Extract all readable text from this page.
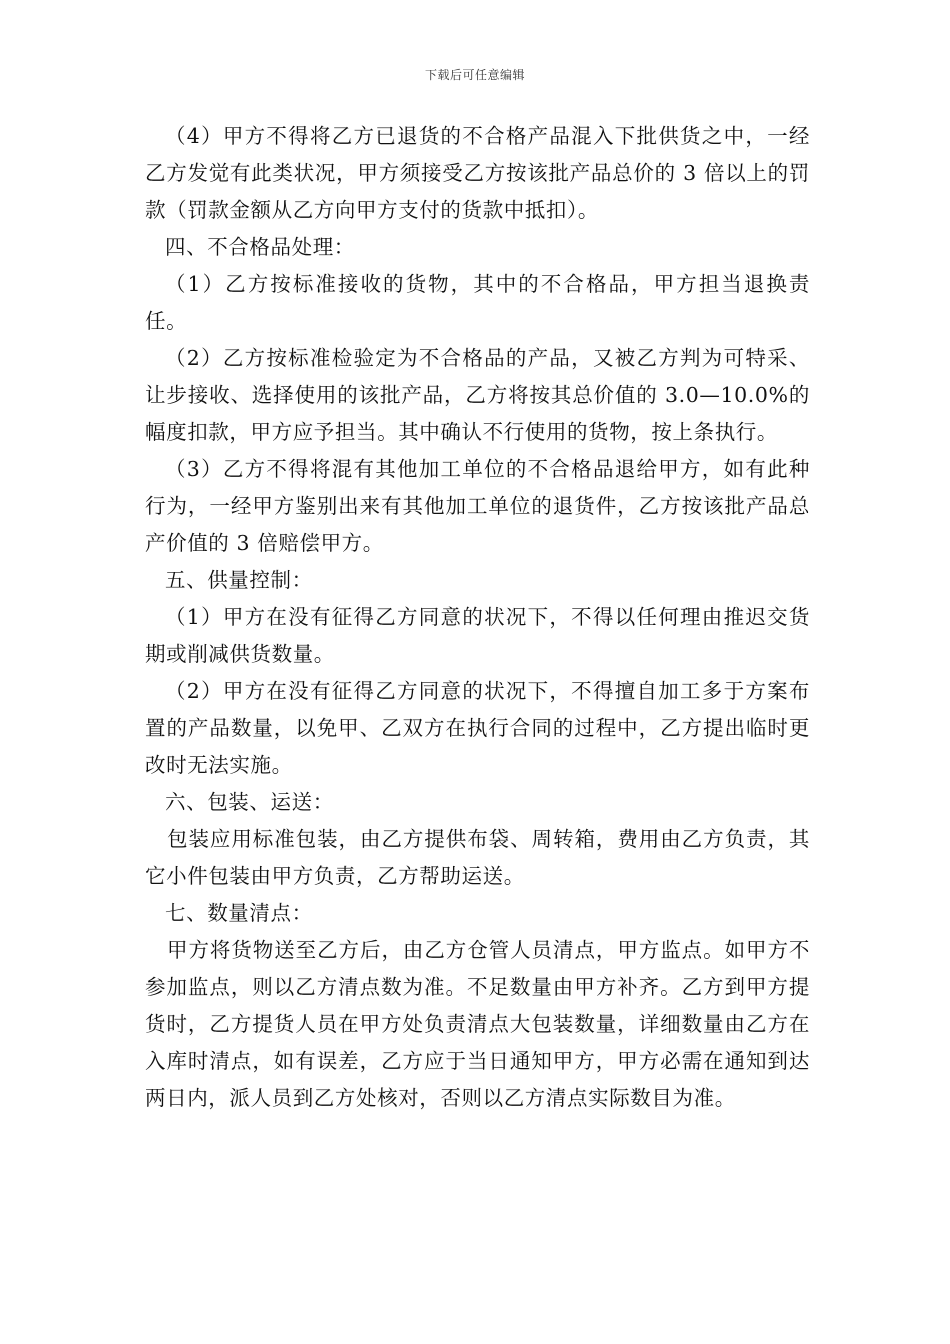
下载后可任意编辑

（4）甲方不得将乙方已退货的不合格产品混入下批供货之中，一经乙方发觉有此类状况，甲方须接受乙方按该批产品总价的 3 倍以上的罚款（罚款金额从乙方向甲方支付的货款中抵扣）。

四、不合格品处理：

（1）乙方按标准接收的货物，其中的不合格品，甲方担当退换责任。

（2）乙方按标准检验定为不合格品的产品，又被乙方判为可特采、让步接收、选择使用的该批产品，乙方将按其总价值的 3.0—10.0%的幅度扣款，甲方应予担当。其中确认不行使用的货物，按上条执行。

（3）乙方不得将混有其他加工单位的不合格品退给甲方，如有此种行为，一经甲方鉴别出来有其他加工单位的退货件，乙方按该批产品总产价值的 3 倍赔偿甲方。

五、供量控制：

（1）甲方在没有征得乙方同意的状况下，不得以任何理由推迟交货期或削减供货数量。

（2）甲方在没有征得乙方同意的状况下，不得擅自加工多于方案布置的产品数量，以免甲、乙双方在执行合同的过程中，乙方提出临时更改时无法实施。

六、包装、运送：

包装应用标准包装，由乙方提供布袋、周转箱，费用由乙方负责，其它小件包装由甲方负责，乙方帮助运送。

七、数量清点：

甲方将货物送至乙方后，由乙方仓管人员清点，甲方监点。如甲方不参加监点，则以乙方清点数为准。不足数量由甲方补齐。乙方到甲方提货时，乙方提货人员在甲方处负责清点大包装数量，详细数量由乙方在入库时清点，如有误差，乙方应于当日通知甲方，甲方必需在通知到达两日内，派人员到乙方处核对，否则以乙方清点实际数目为准。
